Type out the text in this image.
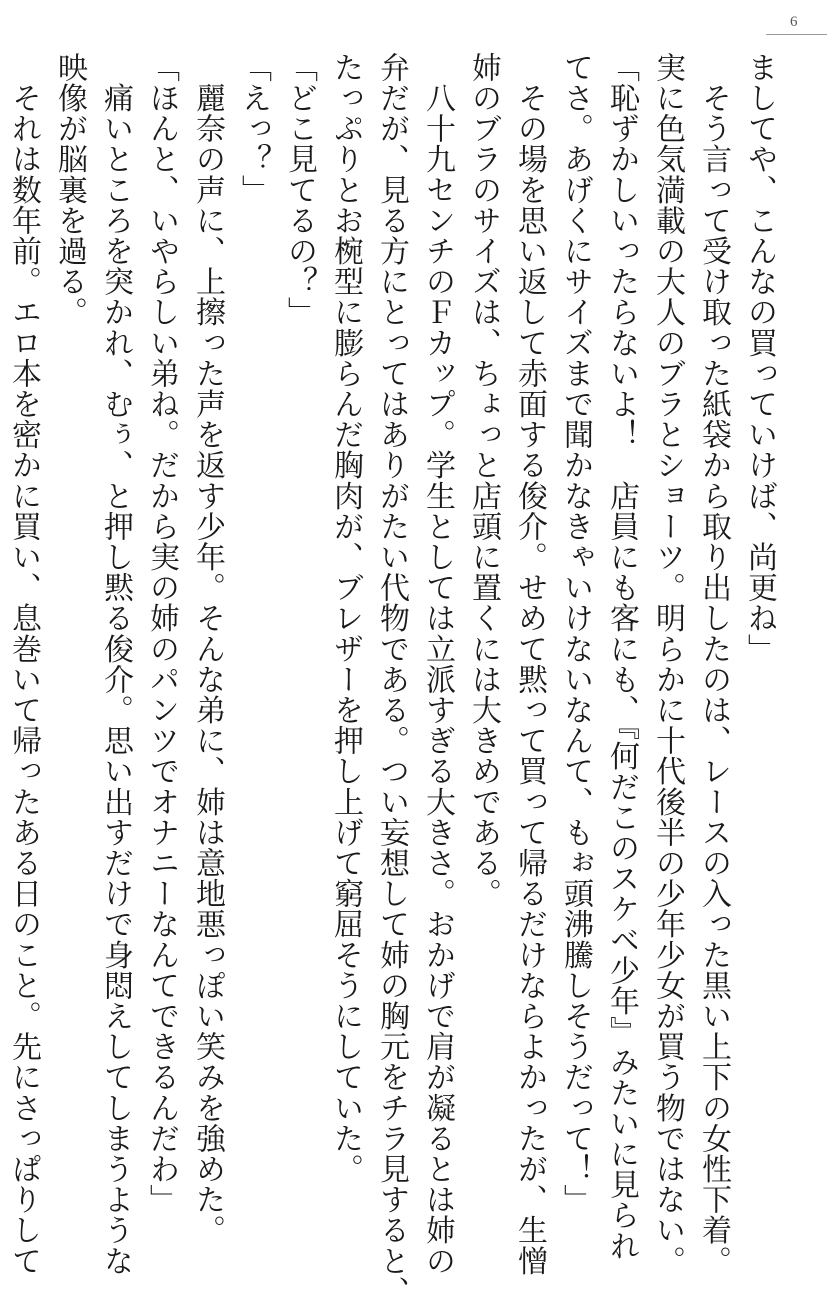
6
ましてや、こんなの買っていけば、尚更ね」
　そう言って受け取った紙袋から取り出したのは、レースの入った黒い上下の女性下着。
実に色気満載の大人のブラとショーツ。明らかに十代後半の少年少女が買う物ではない。
「恥ずかしいったらないよ！　店員にも客にも、『何だこのスケベ少年』みたいに見られ
てさ。あげくにサイズまで聞かなきゃいけないなんて、もぉ頭沸騰しそうだって！」
　その場を思い返して赤面する俊介。せめて黙って買って帰るだけならよかったが、生憎
姉のブラのサイズは、ちょっと店頭に置くには大きめである。
　八十九センチのＦカップ。学生としては立派すぎる大きさ。おかげで肩が凝るとは姉の
弁だが、見る方にとってはありがたい代物である。つい妄想して姉の胸元をチラ見すると、
たっぷりとお椀型に膨らんだ胸肉が、ブレザーを押し上げて窮屈そうにしていた。
「どこ見てるの？」
「えっ？」
　麗奈の声に、上擦った声を返す少年。そんな弟に、姉は意地悪っぽい笑みを強めた。
「ほんと、いやらしい弟ね。だから実の姉のパンツでオナニーなんてできるんだわ」
　痛いところを突かれ、むぅ、と押し黙る俊介。思い出すだけで身悶えしてしまうような
映像が脳裏を過る。
　それは数年前。エロ本を密かに買い、息巻いて帰ったある日のこと。先にさっぱりして
